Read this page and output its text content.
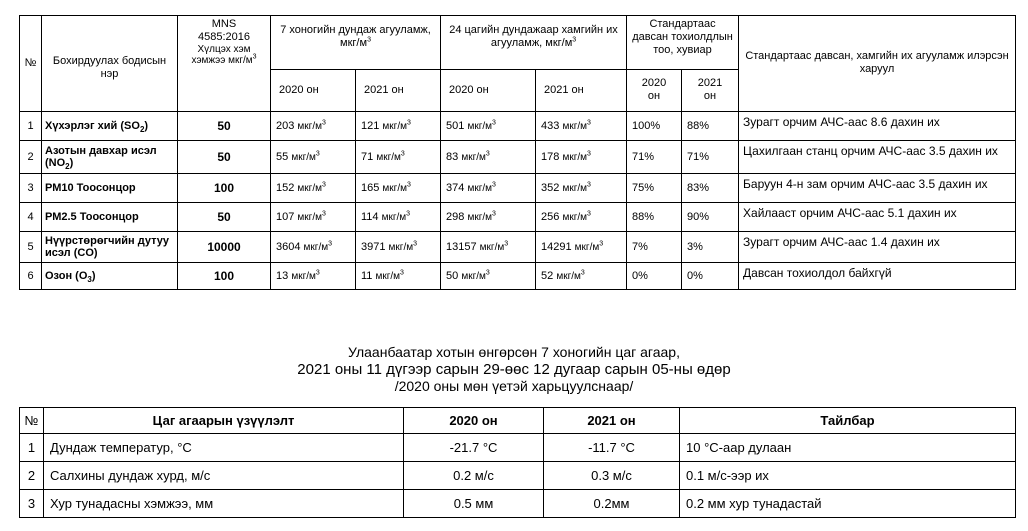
№	Бохирдуулах бодисын нэр	MNS
4585:2016	7 хоногийн дундаж агууламж, мкг/$м^3$		24 цагийн дундажаар хамгийн их агууламж, мкг/$м^3$		Стандартаас давсан тохиолдлын тоо, хувиар		Стандартаас давсан, хамгийн их агууламж илэрсэн харуул
		Хүлцэх хэм хэмжээ мкг/$м^3$
			2020 он	2021 он	2020 он	2021 он	2020 он	2021 он	
1	Хүхэрлэг хий $(SO_2)$	50	203 мкг/$м^3$	121 мкг/$м^3$	501 мкг/$м^3$	433 мкг/$м^3$	100%	88%	Зурагт орчим АЧС-аас 8.6 дахин их
2	Азотын давхар исэл $(NO_2)$	50	55 мкг/$м^3$	71 мкг/$м^3$	83 мкг/$м^3$	178 мкг/$м^3$	71%	71%	Цахилгаан станц орчим АЧС-аас 3.5 дахин их
3	РМ10 Тоосонцор	100	152 мкг/$м^3$	165 мкг/$м^3$	374 мкг/$м^3$	352 мкг/$м^3$	75%	83%	Баруун 4-н зам орчим АЧС-аас 3.5 дахин их
4	РМ2.5 Тоосонцор	50	107 мкг/$м^3$	114 мкг/$м^3$	298 мкг/$м^3$	256 мкг/$м^3$	88%	90%	Хайлааст орчим АЧС-аас 5.1 дахин их
5	Нүүрстөрөгчийн дутуу исэл (CO)	10000	3604 мкг/$м^3$	3971 мкг/$м^3$	13157 мкг/$м^3$	14291 мкг/$м^3$	7%	3%	Зурагт орчим АЧС-аас 1.4 дахин их
6	Озон $(O_3)$	100	13 мкг/$м^3$	11 мкг/$м^3$	50 мкг/$м^3$	52 мкг/$м^3$	0%	0%	Давсан тохиолдол байхгүй
Улаанбаатар хотын өнгөрсөн 7 хоногийн цаг агаар,
2021 оны 11 дүгээр сарын 29-өөс 12 дугаар сарын 05-ны өдөр
/2020 оны мөн үетэй харьцуулснаар/
№	Цаг агаарын үзүүлэлт	2020 он	2021 он	Тайлбар
1	Дундаж температур, °С	-21.7 °С	-11.7 °С	10 °С-аар дулаан
2	Салхины дундаж хурд, м/с	0.2 м/с	0.3 м/с	0.1 м/с-ээр их
3	Хур тунадасны хэмжээ, мм	0.5 мм	0.2мм	0.2 мм хур тунадастай
